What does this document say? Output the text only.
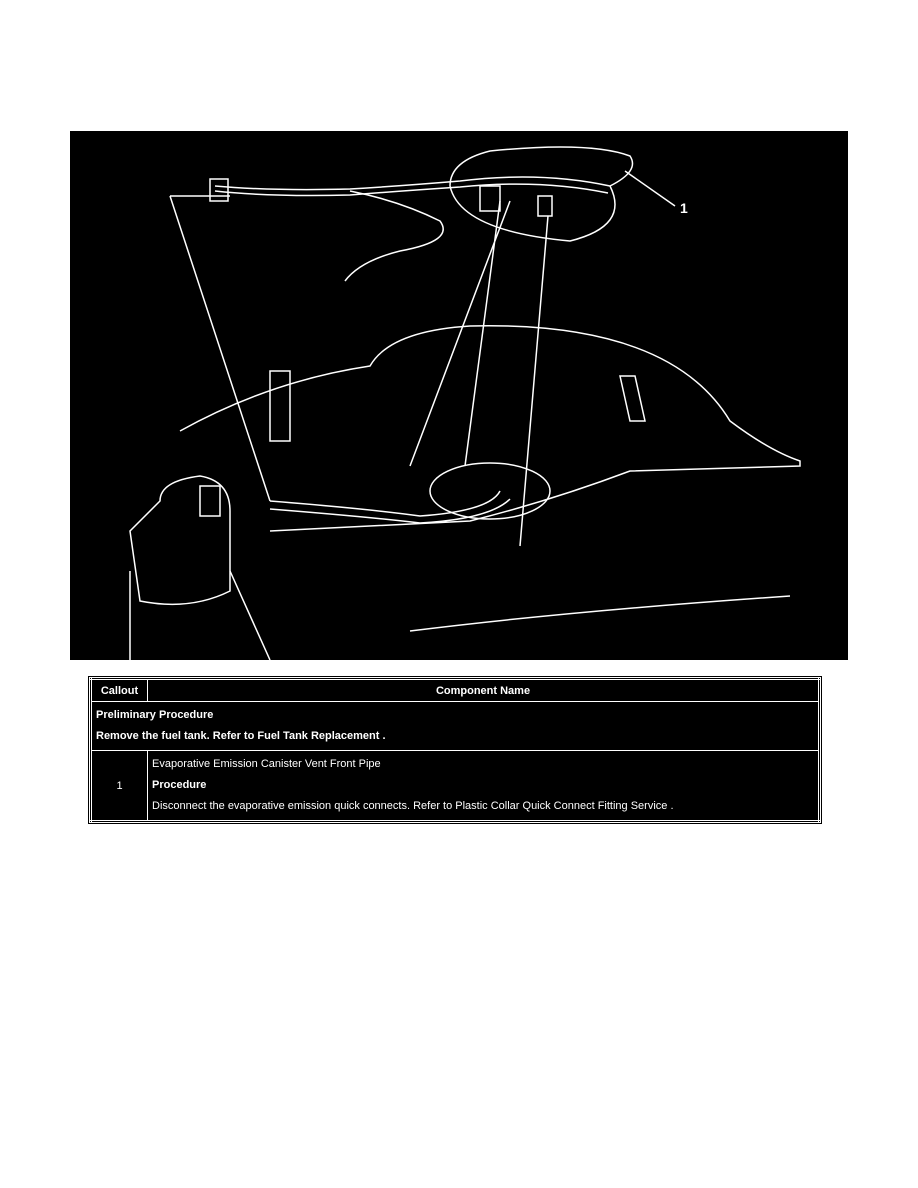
1
Callout	Component Name

Preliminary Procedure
Remove the fuel tank. Refer to Fuel Tank Replacement .	

1	Evaporative Emission Canister Vent Front Pipe
Procedure
Disconnect the evaporative emission quick connects. Refer to Plastic Collar Quick Connect Fitting Service .
